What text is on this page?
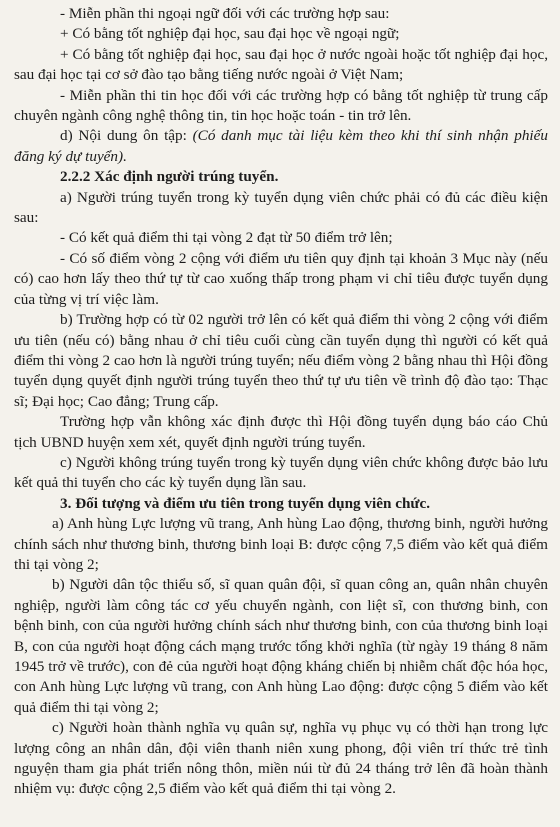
- Miễn phần thi ngoại ngữ đối với các trường hợp sau:

+ Có bằng tốt nghiệp đại học, sau đại học về ngoại ngữ;

+ Có bằng tốt nghiệp đại học, sau đại học ở nước ngoài hoặc tốt nghiệp đại học, sau đại học tại cơ sở đào tạo bằng tiếng nước ngoài ở Việt Nam;

- Miễn phần thi tin học đối với các trường hợp có bằng tốt nghiệp từ trung cấp chuyên ngành công nghệ thông tin, tin học hoặc toán - tin trở lên.

d) Nội dung ôn tập: (Có danh mục tài liệu kèm theo khi thí sinh nhận phiếu đăng ký dự tuyển).

2.2.2 Xác định người trúng tuyển.

a) Người trúng tuyển trong kỳ tuyển dụng viên chức phải có đủ các điều kiện sau:

- Có kết quả điểm thi tại vòng 2 đạt từ 50 điểm trở lên;

- Có số điểm vòng 2 cộng với điểm ưu tiên quy định tại khoản 3 Mục này (nếu có) cao hơn lấy theo thứ tự từ cao xuống thấp trong phạm vi chỉ tiêu được tuyển dụng của từng vị trí việc làm.

b) Trường hợp có từ 02 người trở lên có kết quả điểm thi vòng 2 cộng với điểm ưu tiên (nếu có) bằng nhau ở chỉ tiêu cuối cùng cần tuyển dụng thì người có kết quả điểm thi vòng 2 cao hơn là người trúng tuyển; nếu điểm vòng 2 bằng nhau thì Hội đồng tuyển dụng quyết định người trúng tuyển theo thứ tự ưu tiên về trình độ đào tạo: Thạc sĩ; Đại học; Cao đẳng; Trung cấp.

Trường hợp vẫn không xác định được thì Hội đồng tuyển dụng báo cáo Chủ tịch UBND huyện xem xét, quyết định người trúng tuyển.

c) Người không trúng tuyển trong kỳ tuyển dụng viên chức không được bảo lưu kết quả thi tuyển cho các kỳ tuyển dụng lần sau.

3. Đối tượng và điểm ưu tiên trong tuyển dụng viên chức.

a) Anh hùng Lực lượng vũ trang, Anh hùng Lao động, thương binh, người hưởng chính sách như thương binh, thương binh loại B: được cộng 7,5 điểm vào kết quả điểm thi tại vòng 2;

b) Người dân tộc thiểu số, sĩ quan quân đội, sĩ quan công an, quân nhân chuyên nghiệp, người làm công tác cơ yếu chuyển ngành, con liệt sĩ, con thương binh, con bệnh binh, con của người hưởng chính sách như thương binh, con của thương binh loại B, con của người hoạt động cách mạng trước tổng khởi nghĩa (từ ngày 19 tháng 8 năm 1945 trở về trước), con đẻ của người hoạt động kháng chiến bị nhiễm chất độc hóa học, con Anh hùng Lực lượng vũ trang, con Anh hùng Lao động: được cộng 5 điểm vào kết quả điểm thi tại vòng 2;

c) Người hoàn thành nghĩa vụ quân sự, nghĩa vụ phục vụ có thời hạn trong lực lượng công an nhân dân, đội viên thanh niên xung phong, đội viên trí thức trẻ tình nguyện tham gia phát triển nông thôn, miền núi từ đủ 24 tháng trở lên đã hoàn thành nhiệm vụ: được cộng 2,5 điểm vào kết quả điểm thi tại vòng 2.
